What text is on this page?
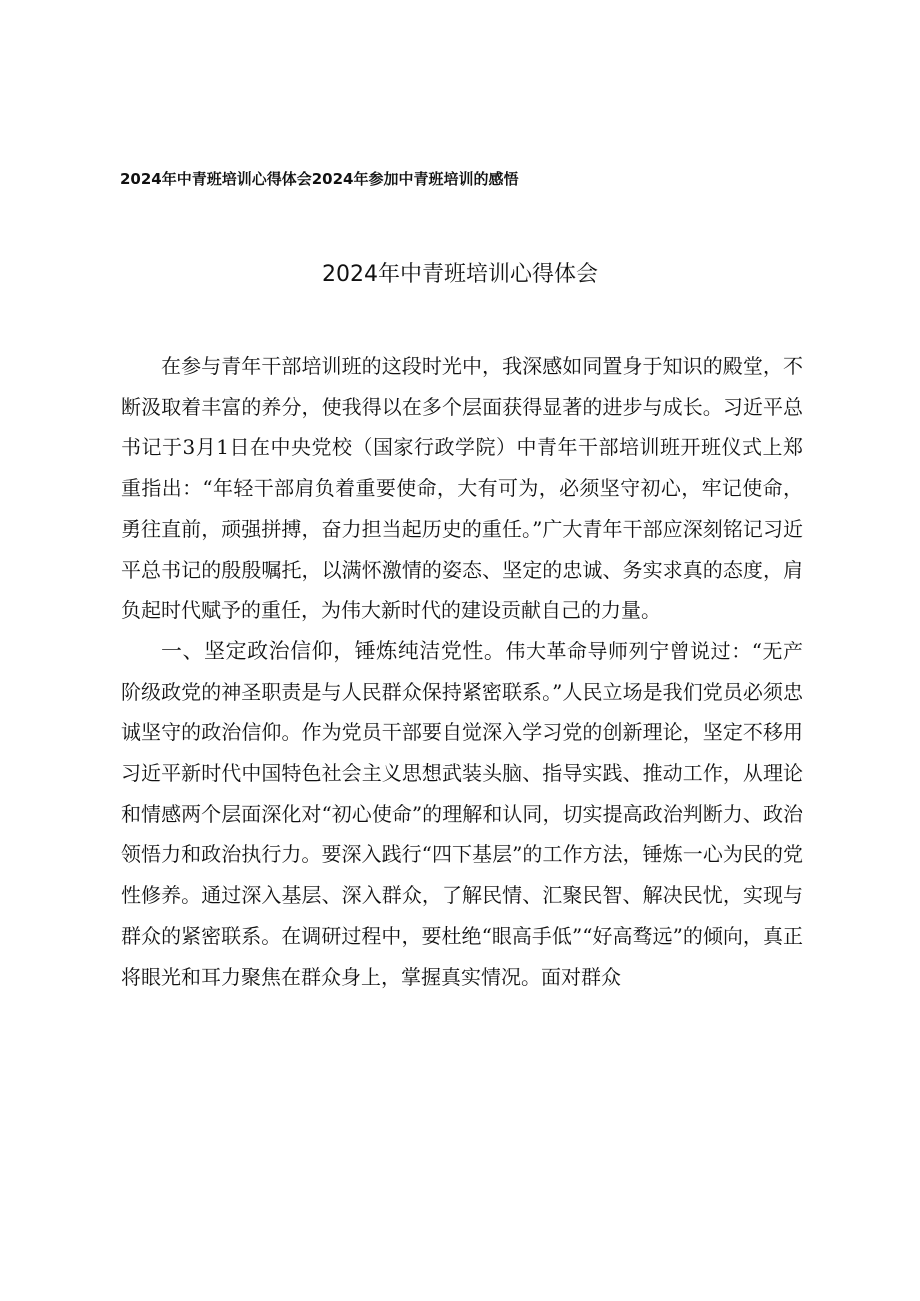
2024年中青班培训心得体会2024年参加中青班培训的感悟
2024年中青班培训心得体会

在参与青年干部培训班的这段时光中，我深感如同置身于知识的殿堂，不断汲取着丰富的养分，使我得以在多个层面获得显著的进步与成长。习近平总书记于3月1日在中央党校（国家行政学院）中青年干部培训班开班仪式上郑重指出：“年轻干部肩负着重要使命，大有可为，必须坚守初心，牢记使命，勇往直前，顽强拼搏，奋力担当起历史的重任。”广大青年干部应深刻铭记习近平总书记的殷殷嘱托，以满怀激情的姿态、坚定的忠诚、务实求真的态度，肩负起时代赋予的重任，为伟大新时代的建设贡献自己的力量。

一、坚定政治信仰，锤炼纯洁党性。伟大革命导师列宁曾说过：“无产阶级政党的神圣职责是与人民群众保持紧密联系。”人民立场是我们党员必须忠诚坚守的政治信仰。作为党员干部要自觉深入学习党的创新理论，坚定不移用习近平新时代中国特色社会主义思想武装头脑、指导实践、推动工作，从理论和情感两个层面深化对“初心使命”的理解和认同，切实提高政治判断力、政治领悟力和政治执行力。要深入践行“四下基层”的工作方法，锤炼一心为民的党性修养。通过深入基层、深入群众，了解民情、汇聚民智、解决民忧，实现与群众的紧密联系。在调研过程中，要杜绝“眼高手低”“好高骛远”的倾向，真正将眼光和耳力聚焦在群众身上，掌握真实情况。面对群众
